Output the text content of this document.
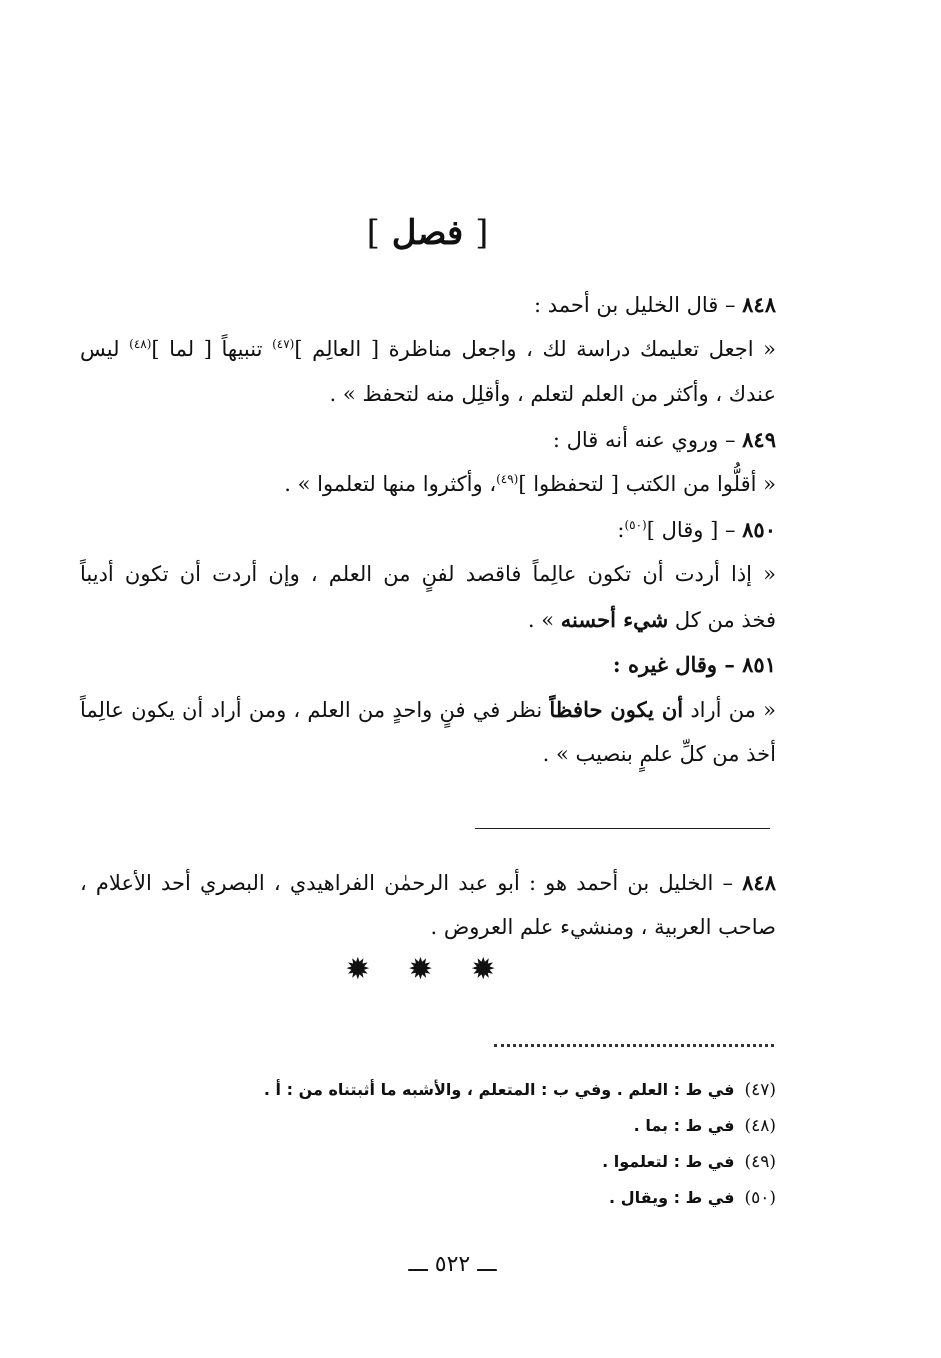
[ فصل ]
٨٤٨ – قال الخليل بن أحمد :
« اجعل تعليمك دراسة لك ، واجعل مناظرة [ العالِم ]$^{(٤٧)}$ تنبيهاً [ لما ]$^{(٤٨)}$ ليس
عندك ، وأكثر من العلم لتعلم ، وأقلِل منه لتحفظ » .
٨٤٩ – وروي عنه أنه قال :
« أقلُّوا من الكتب [ لتحفظوا ]$^{(٤٩)}$، وأكثروا منها لتعلموا » .
٨٥٠ – [ وقال ]$^{(٥٠)}$:
« إذا أردت أن تكون عالِماً فاقصد لفنٍ من العلم ، وإن أردت أن تكون أديباً
فخذ من كل شيء أحسنه » .
٨٥١ – وقال غيره :
« من أراد أن يكون حافظاً نظر في فنٍ واحدٍ من العلم ، ومن أراد أن يكون عالِماً
أخذ من كلِّ علمٍ بنصيب » .
٨٤٨ – الخليل بن أحمد هو : أبو عبد الرحمٰن الفراهيدي ، البصري أحد الأعلام ،
صاحب العربية ، ومنشيء علم العروض .
✹ ✹ ✹
(٤٧)في ط : العلم . وفي ب : المتعلم ، والأشبه ما أثبتناه من : أ .
(٤٨)في ط : بما .
(٤٩)في ط : لتعلموا .
(٥٠)في ط : ويقال .
ـــ ٥٢٢ ـــ
